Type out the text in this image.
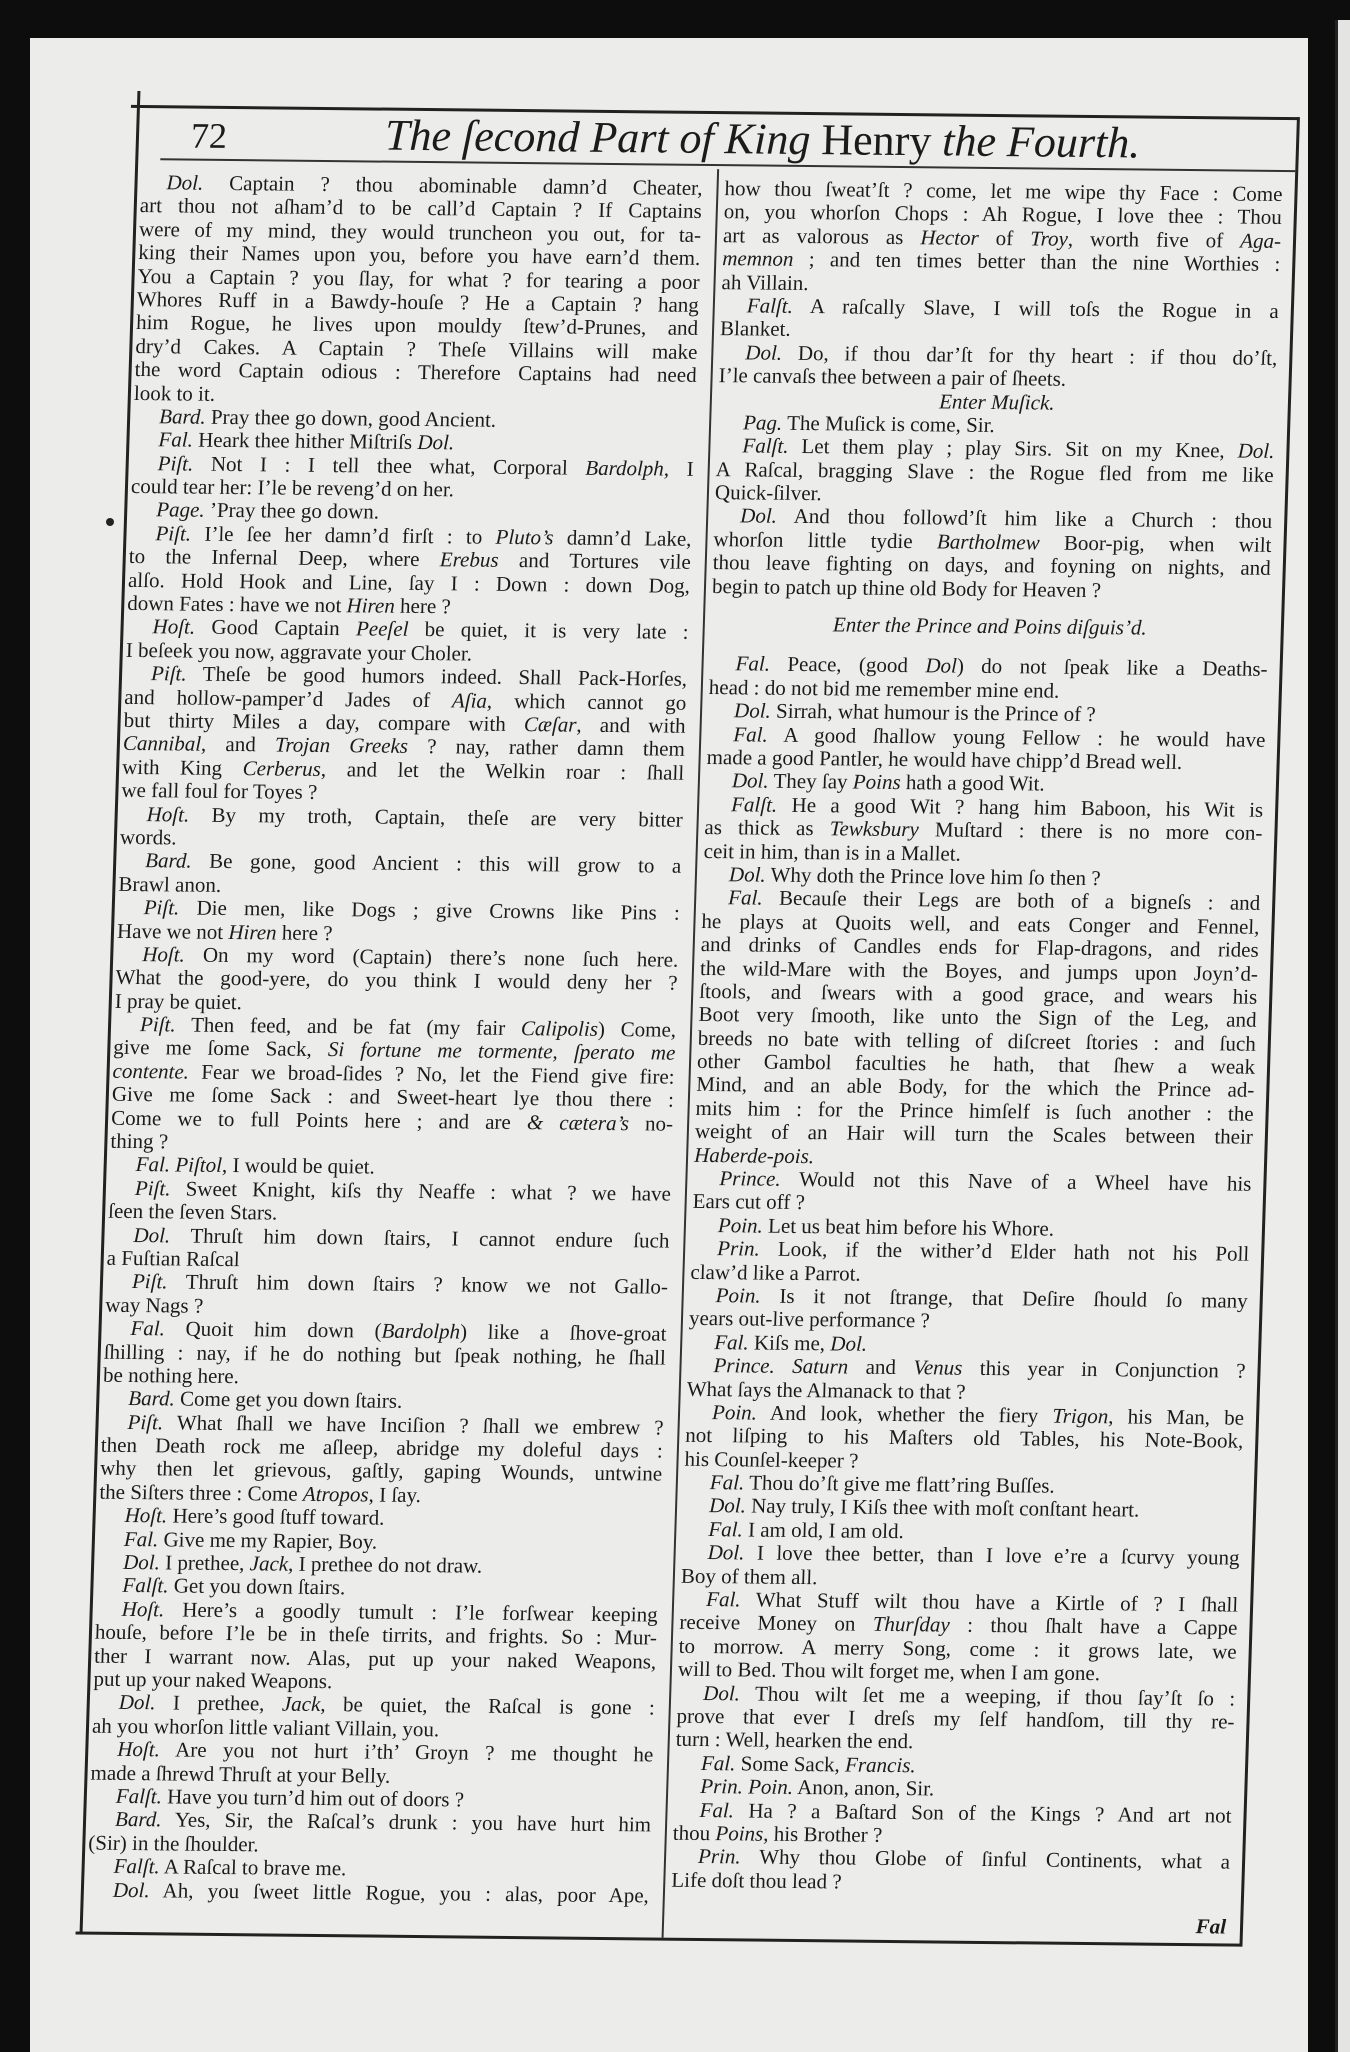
72	The ſecond Part of King Henry the Fourth.
Dol. Captain ? thou abominable damn’d Cheater,
art thou not aſham’d to be call’d Captain ? If Captains
were of my mind, they would truncheon you out, for ta-
king their Names upon you, before you have earn’d them.
You a Captain ? you ſlay, for what ? for tearing a poor
Whores Ruff in a Bawdy-houſe ? He a Captain ? hang
him Rogue, he lives upon mouldy ſtew’d-Prunes, and
dry’d Cakes. A Captain ? Theſe Villains will make
the word Captain odious : Therefore Captains had need
look to it.
Bard. Pray thee go down, good Ancient.
Fal. Heark thee hither Miſtriſs Dol.
Piſt. Not I : I tell thee what, Corporal Bardolph, I
could tear her: I’le be reveng’d on her.
Page. ’Pray thee go down.
Piſt. I’le ſee her damn’d firſt : to Pluto’s damn’d Lake,
to the Infernal Deep, where Erebus and Tortures vile
alſo. Hold Hook and Line, ſay I : Down : down Dog,
down Fates : have we not Hiren here ?
Hoſt. Good Captain Peeſel be quiet, it is very late :
I beſeek you now, aggravate your Choler.
Piſt. Theſe be good humors indeed. Shall Pack-Horſes,
and hollow-pamper’d Jades of Aſia, which cannot go
but thirty Miles a day, compare with Cæſar, and with
Cannibal, and Trojan Greeks ? nay, rather damn them
with King Cerberus, and let the Welkin roar : ſhall
we fall foul for Toyes ?
Hoſt. By my troth, Captain, theſe are very bitter
words.
Bard. Be gone, good Ancient : this will grow to a
Brawl anon.
Piſt. Die men, like Dogs ; give Crowns like Pins :
Have we not Hiren here ?
Hoſt. On my word (Captain) there’s none ſuch here.
What the good-yere, do you think I would deny her ?
I pray be quiet.
Piſt. Then feed, and be fat (my fair Calipolis) Come,
give me ſome Sack, Si fortune me tormente, ſperato me
contente. Fear we broad-ſides ? No, let the Fiend give fire:
Give me ſome Sack : and Sweet-heart lye thou there :
Come we to full Points here ; and are & cætera’s no-
thing ?
Fal. Piſtol, I would be quiet.
Piſt. Sweet Knight, kiſs thy Neaffe : what ? we have
ſeen the ſeven Stars.
Dol. Thruſt him down ſtairs, I cannot endure ſuch
a Fuſtian Raſcal
Piſt. Thruſt him down ſtairs ? know we not Gallo-
way Nags ?
Fal. Quoit him down (Bardolph) like a ſhove-groat
ſhilling : nay, if he do nothing but ſpeak nothing, he ſhall
be nothing here.
Bard. Come get you down ſtairs.
Piſt. What ſhall we have Inciſion ? ſhall we embrew ?
then Death rock me aſleep, abridge my doleful days :
why then let grievous, gaſtly, gaping Wounds, untwine
the Siſters three : Come Atropos, I ſay.
Hoſt. Here’s good ſtuff toward.
Fal. Give me my Rapier, Boy.
Dol. I prethee, Jack, I prethee do not draw.
Falſt. Get you down ſtairs.
Hoſt. Here’s a goodly tumult : I’le forſwear keeping
houſe, before I’le be in theſe tirrits, and frights. So : Mur-
ther I warrant now. Alas, put up your naked Weapons,
put up your naked Weapons.
Dol. I prethee, Jack, be quiet, the Raſcal is gone :
ah you whorſon little valiant Villain, you.
Hoſt. Are you not hurt i’th’ Groyn ? me thought he
made a ſhrewd Thruſt at your Belly.
Falſt. Have you turn’d him out of doors ?
Bard. Yes, Sir, the Raſcal’s drunk : you have hurt him
(Sir) in the ſhoulder.
Falſt. A Raſcal to brave me.
Dol. Ah, you ſweet little Rogue, you : alas, poor Ape,
how thou ſweat’ſt ? come, let me wipe thy Face : Come
on, you whorſon Chops : Ah Rogue, I love thee : Thou
art as valorous as Hector of Troy, worth five of Aga-
memnon ; and ten times better than the nine Worthies :
ah Villain.
Falſt. A raſcally Slave, I will toſs the Rogue in a
Blanket.
Dol. Do, if thou dar’ſt for thy heart : if thou do’ſt,
I’le canvaſs thee between a pair of ſheets.
Enter Muſick.
Pag. The Muſick is come, Sir.
Falſt. Let them play ; play Sirs. Sit on my Knee, Dol.
A Raſcal, bragging Slave : the Rogue fled from me like
Quick-ſilver.
Dol. And thou followd’ſt him like a Church : thou
whorſon little tydie Bartholmew Boor-pig, when wilt
thou leave fighting on days, and foyning on nights, and
begin to patch up thine old Body for Heaven ?
Enter the Prince and Poins diſguis’d.
Fal. Peace, (good Dol) do not ſpeak like a Deaths-
head : do not bid me remember mine end.
Dol. Sirrah, what humour is the Prince of ?
Fal. A good ſhallow young Fellow : he would have
made a good Pantler, he would have chipp’d Bread well.
Dol. They ſay Poins hath a good Wit.
Falſt. He a good Wit ? hang him Baboon, his Wit is
as thick as Tewksbury Muſtard : there is no more con-
ceit in him, than is in a Mallet.
Dol. Why doth the Prince love him ſo then ?
Fal. Becauſe their Legs are both of a bigneſs : and
he plays at Quoits well, and eats Conger and Fennel,
and drinks of Candles ends for Flap-dragons, and rides
the wild-Mare with the Boyes, and jumps upon Joyn’d-
ſtools, and ſwears with a good grace, and wears his
Boot very ſmooth, like unto the Sign of the Leg, and
breeds no bate with telling of diſcreet ſtories : and ſuch
other Gambol faculties he hath, that ſhew a weak
Mind, and an able Body, for the which the Prince ad-
mits him : for the Prince himſelf is ſuch another : the
weight of an Hair will turn the Scales between their
Haberde-pois.
Prince. Would not this Nave of a Wheel have his
Ears cut off ?
Poin. Let us beat him before his Whore.
Prin. Look, if the wither’d Elder hath not his Poll
claw’d like a Parrot.
Poin. Is it not ſtrange, that Deſire ſhould ſo many
years out-live performance ?
Fal. Kiſs me, Dol.
Prince. Saturn and Venus this year in Conjunction ?
What ſays the Almanack to that ?
Poin. And look, whether the fiery Trigon, his Man, be
not liſping to his Maſters old Tables, his Note-Book,
his Counſel-keeper ?
Fal. Thou do’ſt give me flatt’ring Buſſes.
Dol. Nay truly, I Kiſs thee with moſt conſtant heart.
Fal. I am old, I am old.
Dol. I love thee better, than I love e’re a ſcurvy young
Boy of them all.
Fal. What Stuff wilt thou have a Kirtle of ? I ſhall
receive Money on Thurſday : thou ſhalt have a Cappe
to morrow. A merry Song, come : it grows late, we
will to Bed. Thou wilt forget me, when I am gone.
Dol. Thou wilt ſet me a weeping, if thou ſay’ſt ſo :
prove that ever I dreſs my ſelf handſom, till thy re-
turn : Well, hearken the end.
Fal. Some Sack, Francis.
Prin. Poin. Anon, anon, Sir.
Fal. Ha ? a Baſtard Son of the Kings ? And art not
thou Poins, his Brother ?
Prin. Why thou Globe of ſinful Continents, what a
Life doſt thou lead ?
Fal
